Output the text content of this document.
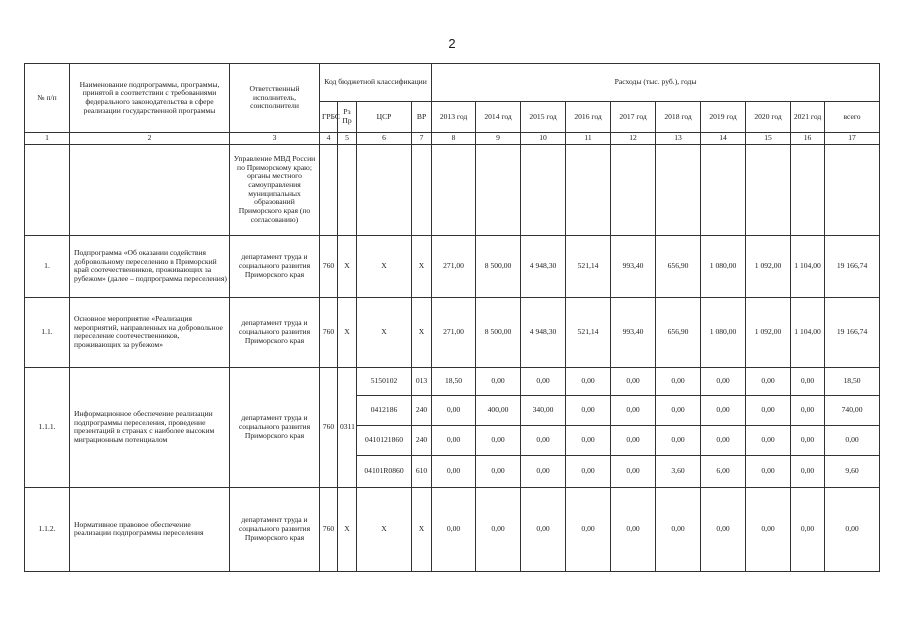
2
№ п/п	Наименование подпрограммы, программы, принятой в соответствии с требованиями федерального законодательства в сфере реализации государственной программы	Ответственный исполнитель, соисполнители	Код бюджетной классификации				Расходы (тыс. руб.), годы									
			ГРБС	Рз Пр	ЦСР	ВР	2013 год	2014 год	2015 год	2016 год	2017 год	2018 год	2019 год	2020 год	2021 год	всего
1	2	3	4	5	6	7	8	9	10	11	12	13	14	15	16	17
		Управление МВД России по Приморскому краю; органы местного самоуправления муниципальных образований Приморского края (по согласованию)														
1.	Подпрограмма «Об оказании содействия добровольному переселению в Приморский край соотечественников, проживающих за рубежом» (далее – подпрограмма переселения)	департамент труда и социального развития Приморского края	760	X	X	X	271,00	8 500,00	4 948,30	521,14	993,40	656,90	1 080,00	1 092,00	1 104,00	19 166,74
1.1.	Основное мероприятие «Реализация мероприятий, направленных на добровольное переселение соотечественников, проживающих за рубежом»	департамент труда и социального развития Приморского края	760	X	X	X	271,00	8 500,00	4 948,30	521,14	993,40	656,90	1 080,00	1 092,00	1 104,00	19 166,74
1.1.1.	Информационное обеспечение реализации подпрограммы переселения, проведение презентаций в странах с наиболее высоким миграционным потенциалом	департамент труда и социального развития Приморского края	760	0311	5150102	013	18,50	0,00	0,00	0,00	0,00	0,00	0,00	0,00	0,00	18,50
					0412186	240	0,00	400,00	340,00	0,00	0,00	0,00	0,00	0,00	0,00	740,00
					0410121860	240	0,00	0,00	0,00	0,00	0,00	0,00	0,00	0,00	0,00	0,00
					04101R0860	610	0,00	0,00	0,00	0,00	0,00	3,60	6,00	0,00	0,00	9,60
1.1.2.	Нормативное правовое обеспечение реализации подпрограммы переселения	департамент труда и социального развития Приморского края	760	X	X	X	0,00	0,00	0,00	0,00	0,00	0,00	0,00	0,00	0,00	0,00
